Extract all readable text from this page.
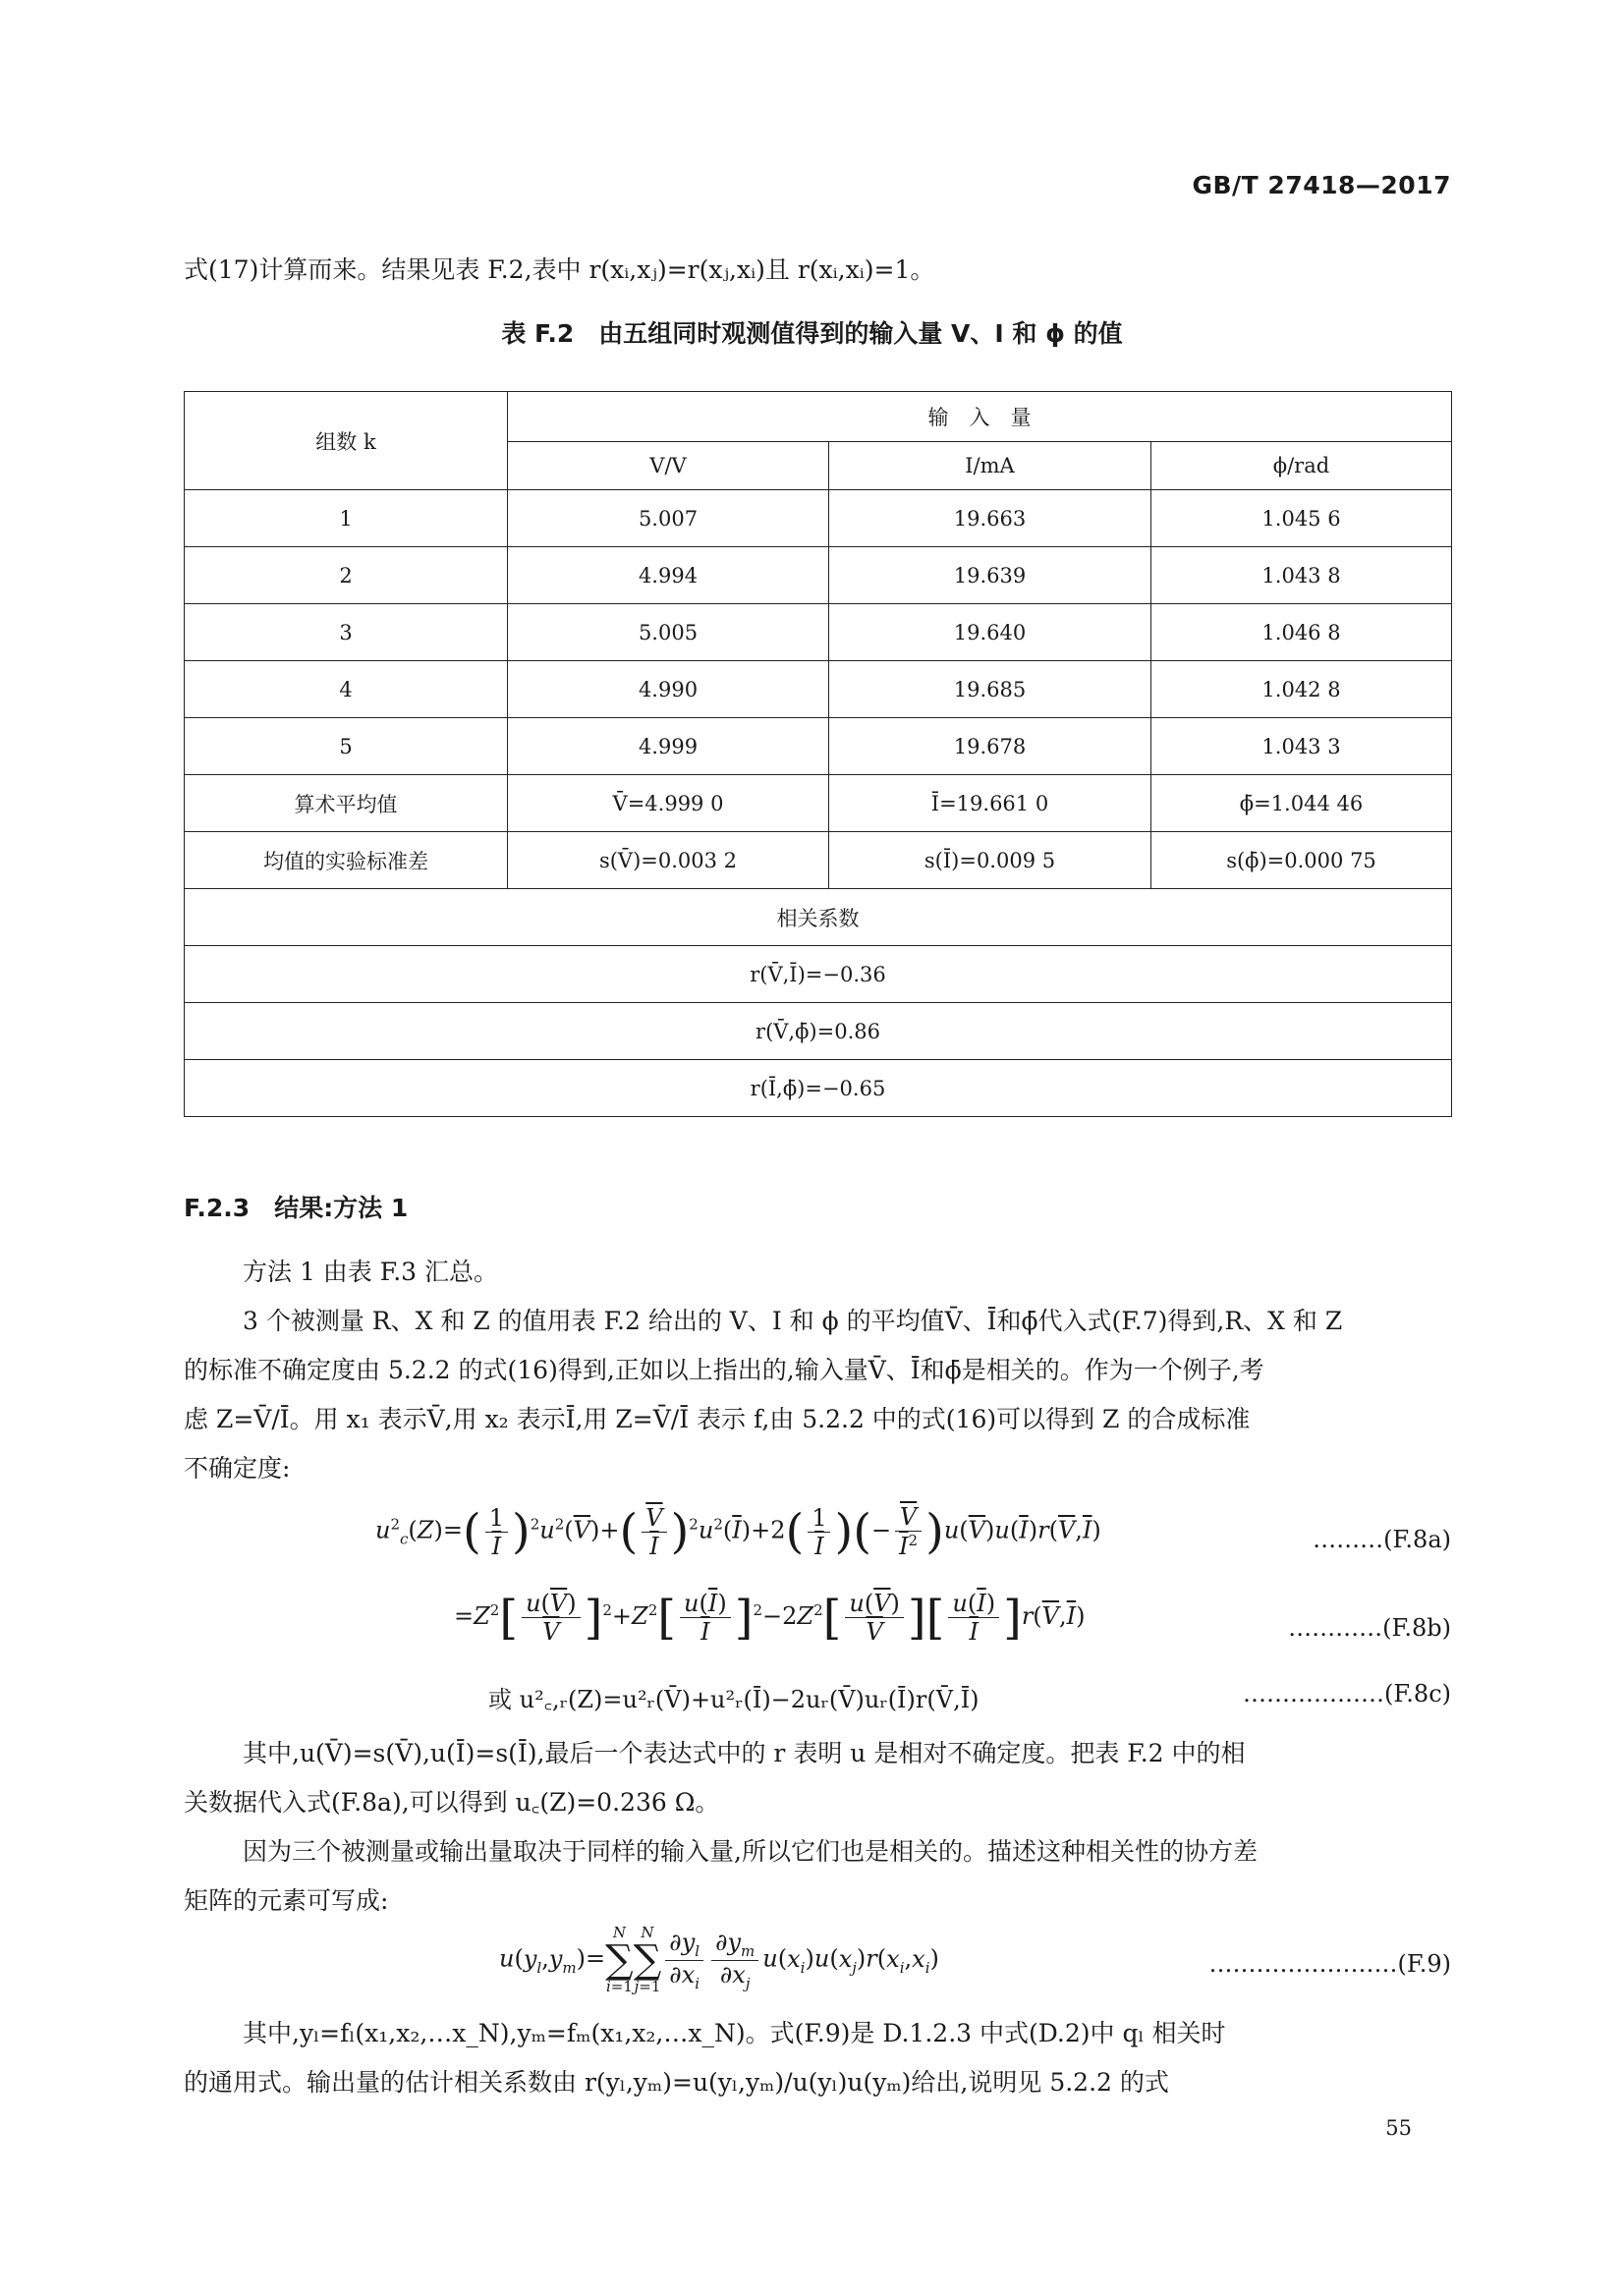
GB/T 27418—2017
式(17)计算而来。结果见表 F.2,表中 r(xᵢ,xⱼ)=r(xⱼ,xᵢ)且 r(xᵢ,xᵢ)=1。
表 F.2　由五组同时观测值得到的输入量 V、I 和 ϕ 的值
组数 k	输　入　量		
	V/V	I/mA	ϕ/rad
1	5.007	19.663	1.045 6
2	4.994	19.639	1.043 8
3	5.005	19.640	1.046 8
4	4.990	19.685	1.042 8
5	4.999	19.678	1.043 3
算术平均值	V̄=4.999 0	Ī=19.661 0	ϕ̄=1.044 46
均值的实验标准差	s(V̄)=0.003 2	s(Ī)=0.009 5	s(ϕ̄)=0.000 75
相关系数			
r(V̄,Ī)=−0.36			
r(V̄,ϕ̄)=0.86			
r(Ī,ϕ̄)=−0.65			
F.2.3　结果:方法 1
方法 1 由表 F.3 汇总。
3 个被测量 R、X 和 Z 的值用表 F.2 给出的 V、I 和 ϕ 的平均值V̄、Ī和ϕ̄代入式(F.7)得到,R、X 和 Z
的标准不确定度由 5.2.2 的式(16)得到,正如以上指出的,输入量V̄、Ī和ϕ̄是相关的。作为一个例子,考
虑 Z=V̄/Ī。用 x₁ 表示V̄,用 x₂ 表示Ī,用 Z=V̄/Ī 表示 f,由 5.2.2 中的式(16)可以得到 Z 的合成标准
不确定度:
$u^2_c(Z)=( \frac{1}{I} )^2u^2(\overline{V})+( \frac{\overline{V}}{I} )^2u^2(\overline{I})+2( \frac{1}{I}$ )(− $\frac{\overline{V}}{\overline{I}^2} )u(\overline{V})u(\overline{I})r(\overline{V},\overline{I})$	………(F.8a)
$=Z^2[ \frac{u(\overline{V})}{V} ]^2+Z^2[ \frac{u(\overline{I})}{I} ]^2-2Z^2[ \frac{u(\overline{V})}{V}$ ][ $\frac{u(\overline{I})}{I} ]r(\overline{V},\overline{I})$	…………(F.8b)
或 u²꜀,ᵣ(Z)=u²ᵣ(V̄)+u²ᵣ(Ī)−2uᵣ(V̄)uᵣ(Ī)r(V̄,Ī)	………………(F.8c)
其中,u(V̄)=s(V̄),u(Ī)=s(Ī),最后一个表达式中的 r 表明 u 是相对不确定度。把表 F.2 中的相
关数据代入式(F.8a),可以得到 u꜀(Z)=0.236 Ω。
因为三个被测量或输出量取决于同样的输入量,所以它们也是相关的。描述这种相关性的协方差
矩阵的元素可写成:
$u(y_l,y_m)=N$
∑
i=1N
∑
$j=1 \frac{\partial y_l}{\partial x_i} \frac{\partial y_m}{\partial x_j} u(x_i)u(x_j)r(x_i,x_i)$	……………………(F.9)
其中,yₗ=fₗ(x₁,x₂,…x_N),yₘ=fₘ(x₁,x₂,…x_N)。式(F.9)是 D.1.2.3 中式(D.2)中 qₗ 相关时
的通用式。输出量的估计相关系数由 r(yₗ,yₘ)=u(yₗ,yₘ)/u(yₗ)u(yₘ)给出,说明见 5.2.2 的式
55
